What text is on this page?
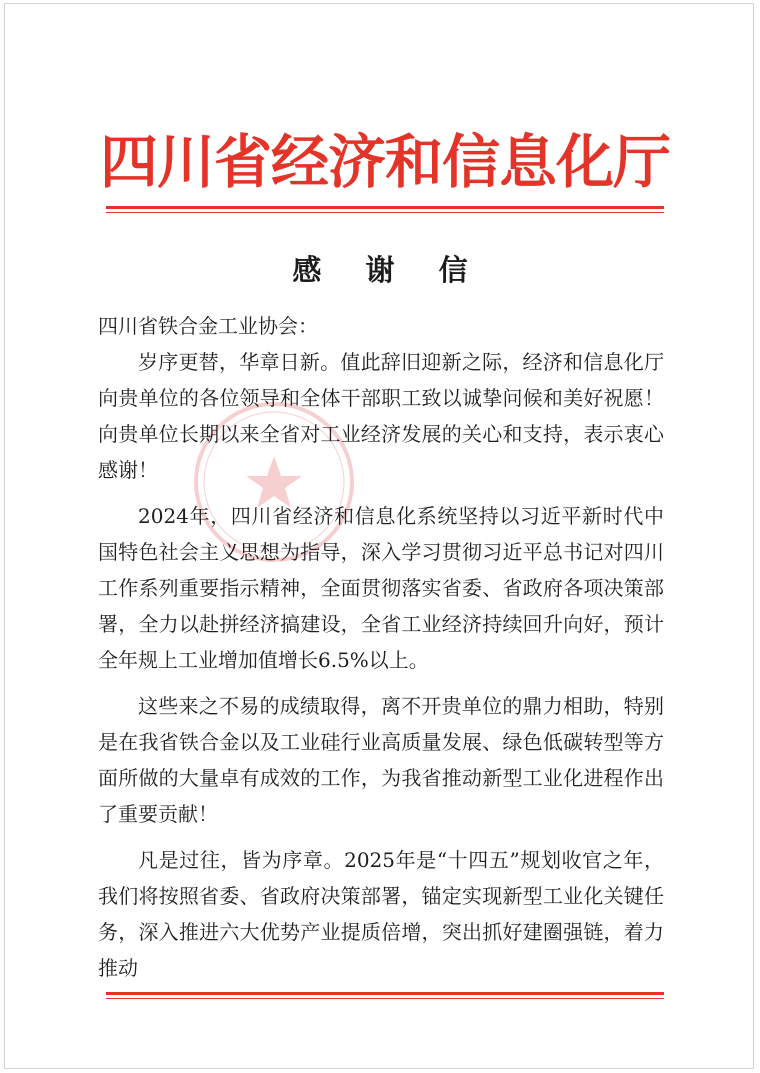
四川省经济和信息化厅
感 谢 信

四川省铁合金工业协会：

岁序更替，华章日新。值此辞旧迎新之际，经济和信息化厅向贵单位的各位领导和全体干部职工致以诚挚问候和美好祝愿！向贵单位长期以来全省对工业经济发展的关心和支持，表示衷心感谢！

2024年，四川省经济和信息化系统坚持以习近平新时代中国特色社会主义思想为指导，深入学习贯彻习近平总书记对四川工作系列重要指示精神，全面贯彻落实省委、省政府各项决策部署，全力以赴拼经济搞建设，全省工业经济持续回升向好，预计全年规上工业增加值增长6.5%以上。

这些来之不易的成绩取得，离不开贵单位的鼎力相助，特别是在我省铁合金以及工业硅行业高质量发展、绿色低碳转型等方面所做的大量卓有成效的工作，为我省推动新型工业化进程作出了重要贡献！

凡是过往，皆为序章。2025年是“十四五”规划收官之年，我们将按照省委、省政府决策部署，锚定实现新型工业化关键任务，深入推进六大优势产业提质倍增，突出抓好建圈强链，着力推动
